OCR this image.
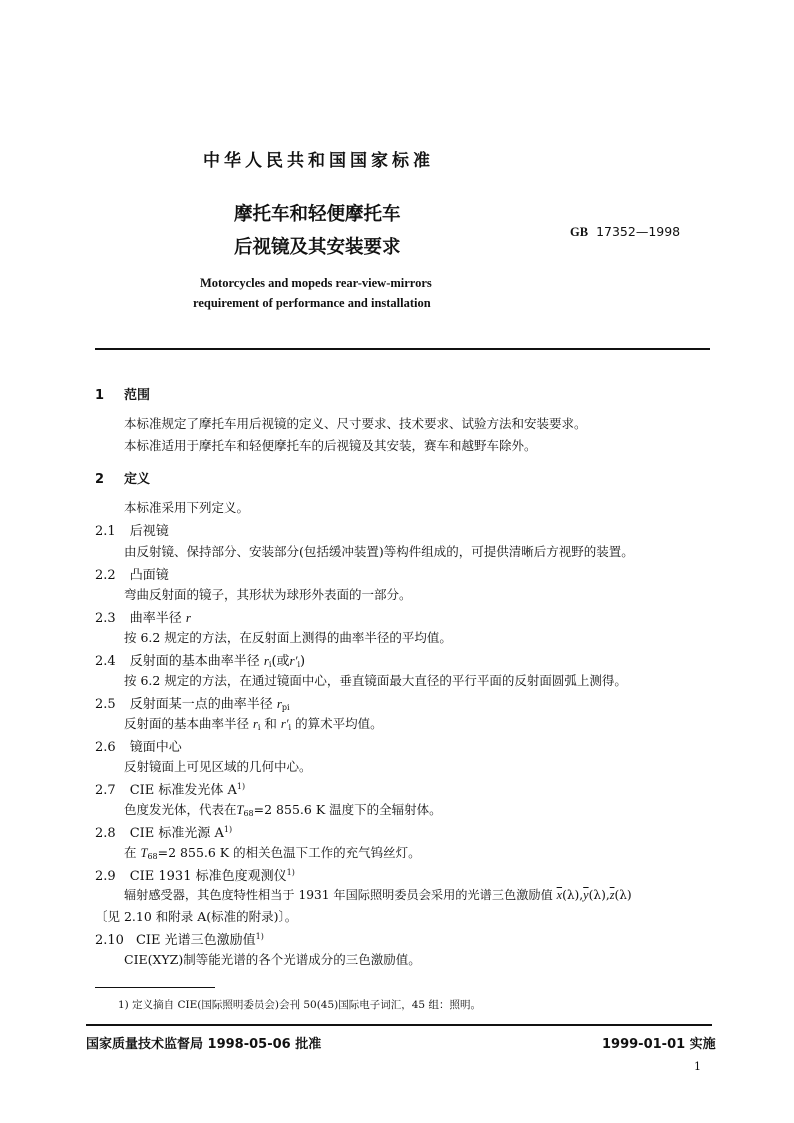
中华人民共和国国家标准
摩托车和轻便摩托车
后视镜及其安装要求
GB 17352—1998
Motorcycles and mopeds rear-view-mirrors
requirement of performance and installation
1 范围
本标准规定了摩托车用后视镜的定义、尺寸要求、技术要求、试验方法和安装要求。
本标准适用于摩托车和轻便摩托车的后视镜及其安装，赛车和越野车除外。
2 定义
本标准采用下列定义。
2.1 后视镜
由反射镜、保持部分、安装部分(包括缓冲装置)等构件组成的，可提供清晰后方视野的装置。
2.2 凸面镜
弯曲反射面的镜子，其形状为球形外表面的一部分。
2.3 曲率半径 r
按 6.2 规定的方法，在反射面上测得的曲率半径的平均值。
2.4 反射面的基本曲率半径 ri(或r′i)
按 6.2 规定的方法，在通过镜面中心，垂直镜面最大直径的平行平面的反射面圆弧上测得。
2.5 反射面某一点的曲率半径 rpi
反射面的基本曲率半径 ri 和 r′i 的算术平均值。
2.6 镜面中心
反射镜面上可见区域的几何中心。
2.7 CIE 标准发光体 $A^{1)}$
色度发光体，代表在T68=2 855.6 K 温度下的全辐射体。
2.8 CIE 标准光源 $A^{1)}$
在 T68=2 855.6 K 的相关色温下工作的充气钨丝灯。
2.9 CIE 1931 标准色度观测仪$^{1)}$
辐射感受器，其色度特性相当于 1931 年国际照明委员会采用的光谱三色激励值 $\overline{x}(\lambda),\overline{y}(\lambda),\overline{z}(\lambda)$
〔见 2.10 和附录 A(标准的附录)〕。
2.10 CIE 光谱三色激励值$^{1)}$
CIE(XYZ)制等能光谱的各个光谱成分的三色激励值。
1) 定义摘自 CIE(国际照明委员会)会刊 50(45)国际电子词汇，45 组：照明。
国家质量技术监督局 1998-05-06 批准	1999-01-01 实施
1
